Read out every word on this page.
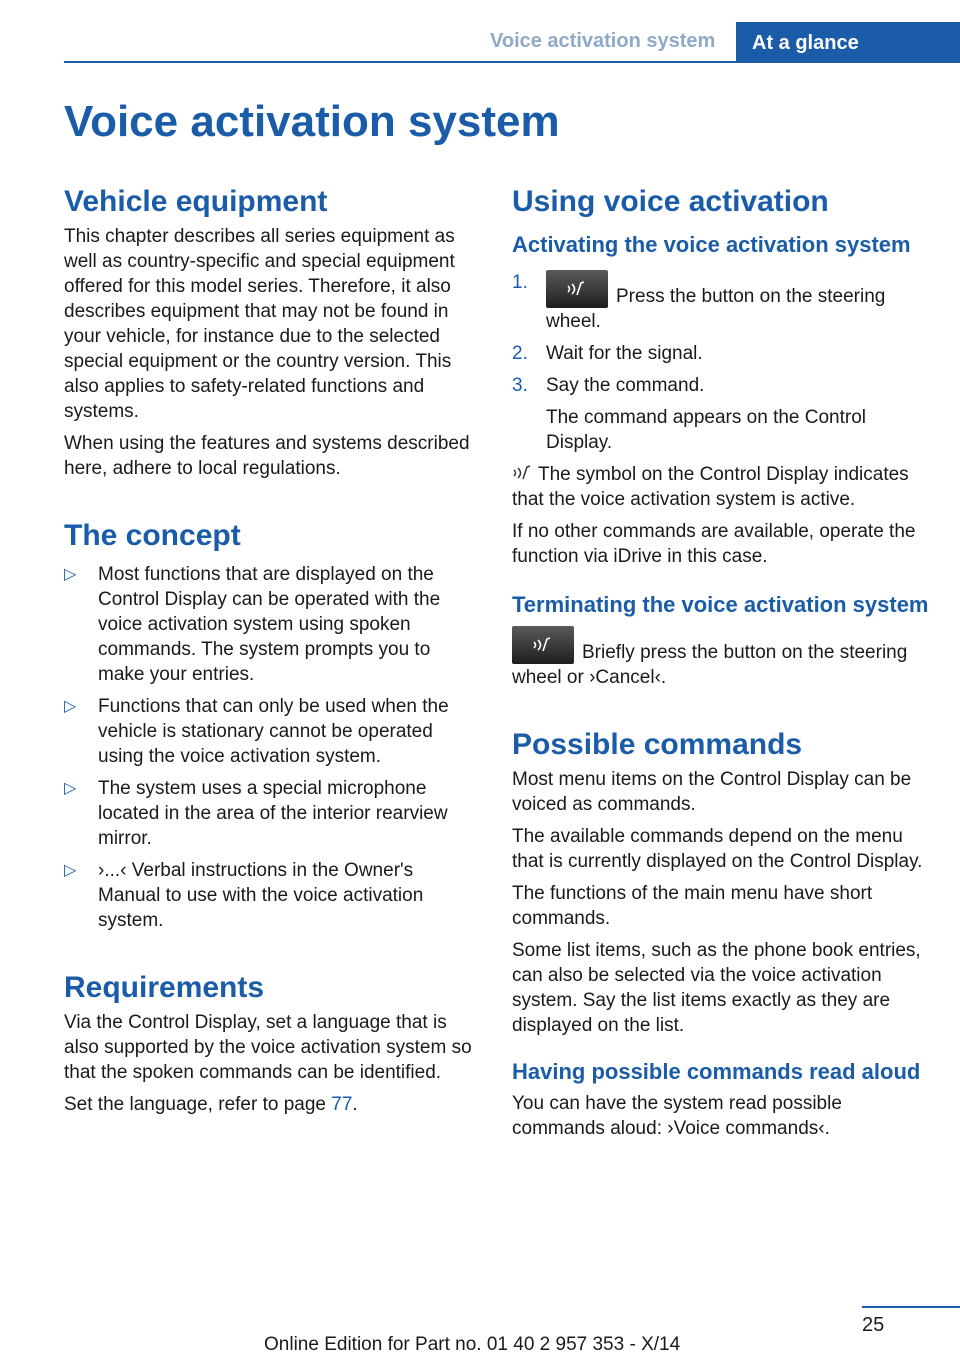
Voice activation system	At a glance
Voice activation system
Vehicle equipment

This chapter describes all series equipment as well as country-specific and special equipment offered for this model series. Therefore, it also describes equipment that may not be found in your vehicle, for instance due to the selected special equipment or the country version. This also applies to safety-related functions and systems.

When using the features and systems described here, adhere to local regulations.

The concept
▷ Most functions that are displayed on the Control Display can be operated with the voice activation system using spoken commands. The system prompts you to make your entries.
▷ Functions that can only be used when the vehicle is stationary cannot be operated using the voice activation system.
▷ The system uses a special microphone located in the area of the interior rearview mirror.
▷ ›...‹ Verbal instructions in the Owner's Manual to use with the voice activation system.
Requirements

Via the Control Display, set a language that is also supported by the voice activation system so that the spoken commands can be identified.

Set the language, refer to page 77.

Using voice activation
Activating the voice activation system
1.
Press the button on the steering wheel.
2. Wait for the signal.
3. Say the command.
The command appears on the Control Display.

The symbol on the Control Display indicates that the voice activation system is active.

If no other commands are available, operate the function via iDrive in this case.

Terminating the voice activation system

Briefly press the button on the steering wheel or ›Cancel‹.

Possible commands

Most menu items on the Control Display can be voiced as commands.

The available commands depend on the menu that is currently displayed on the Control Display.

The functions of the main menu have short commands.

Some list items, such as the phone book entries, can also be selected via the voice activation system. Say the list items exactly as they are displayed on the list.

Having possible commands read aloud

You can have the system read possible commands aloud: ›Voice commands‹.

25
Online Edition for Part no. 01 40 2 957 353 - X/14
